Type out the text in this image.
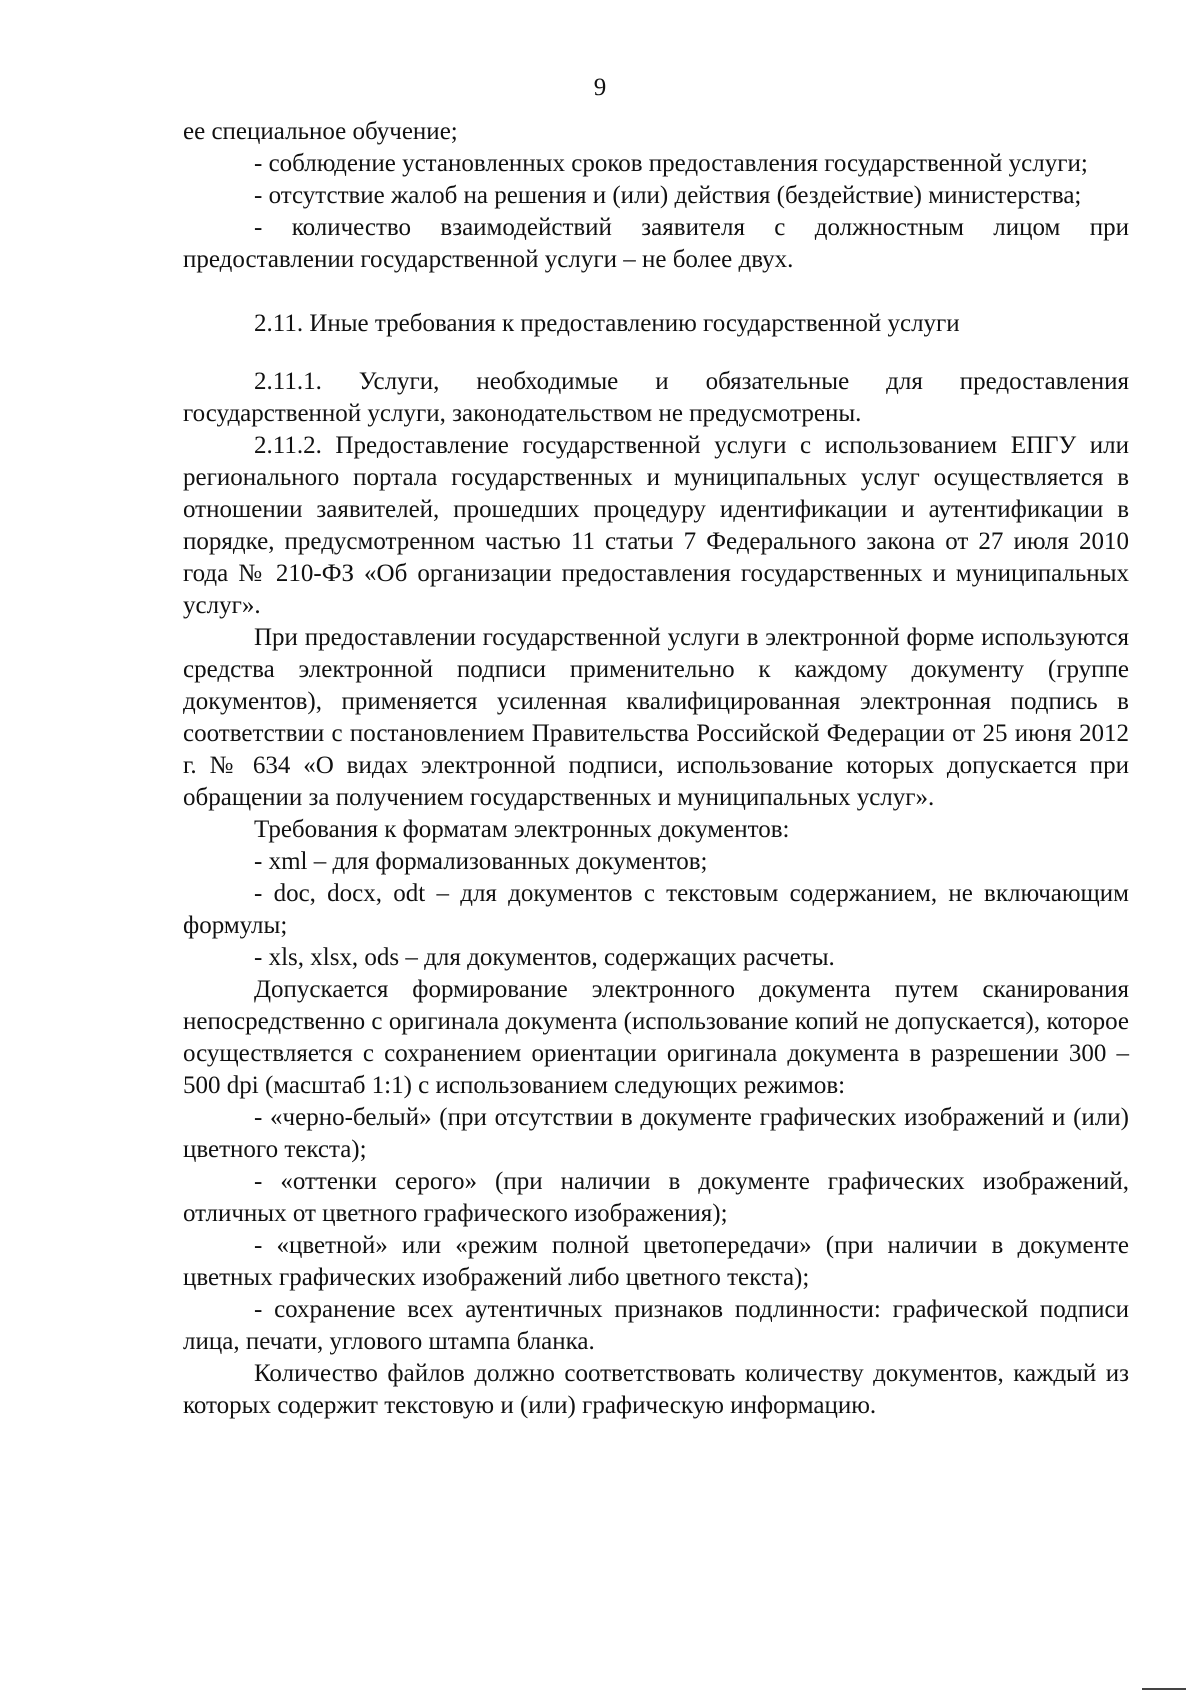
9

ее специальное обучение;

- соблюдение установленных сроков предоставления государственной услуги;

- отсутствие жалоб на решения и (или) действия (бездействие) министерства;

- количество взаимодействий заявителя с должностным лицом при предоставлении государственной услуги – не более двух.

2.11. Иные требования к предоставлению государственной услуги

2.11.1. Услуги, необходимые и обязательные для предоставления государственной услуги, законодательством не предусмотрены.

2.11.2. Предоставление государственной услуги с использованием ЕПГУ или регионального портала государственных и муниципальных услуг осуществляется в отношении заявителей, прошедших процедуру идентификации и аутентификации в порядке, предусмотренном частью 11 статьи 7 Федерального закона от 27 июля 2010 года № 210-ФЗ «Об организации предоставления государственных и муниципальных услуг».

При предоставлении государственной услуги в электронной форме используются средства электронной подписи применительно к каждому документу (группе документов), применяется усиленная квалифицированная электронная подпись в соответствии с постановлением Правительства Российской Федерации от 25 июня 2012 г. № 634 «О видах электронной подписи, использование которых допускается при обращении за получением государственных и муниципальных услуг».

Требования к форматам электронных документов:

- xml – для формализованных документов;

- doc, docx, odt – для документов с текстовым содержанием, не включающим формулы;

- xls, xlsx, ods – для документов, содержащих расчеты.

Допускается формирование электронного документа путем сканирования непосредственно с оригинала документа (использование копий не допускается), которое осуществляется с сохранением ориентации оригинала документа в разрешении 300 – 500 dpi (масштаб 1:1) с использованием следующих режимов:

- «черно-белый» (при отсутствии в документе графических изображений и (или) цветного текста);

- «оттенки серого» (при наличии в документе графических изображений, отличных от цветного графического изображения);

- «цветной» или «режим полной цветопередачи» (при наличии в документе цветных графических изображений либо цветного текста);

- сохранение всех аутентичных признаков подлинности: графической подписи лица, печати, углового штампа бланка.

Количество файлов должно соответствовать количеству документов, каждый из которых содержит текстовую и (или) графическую информацию.
